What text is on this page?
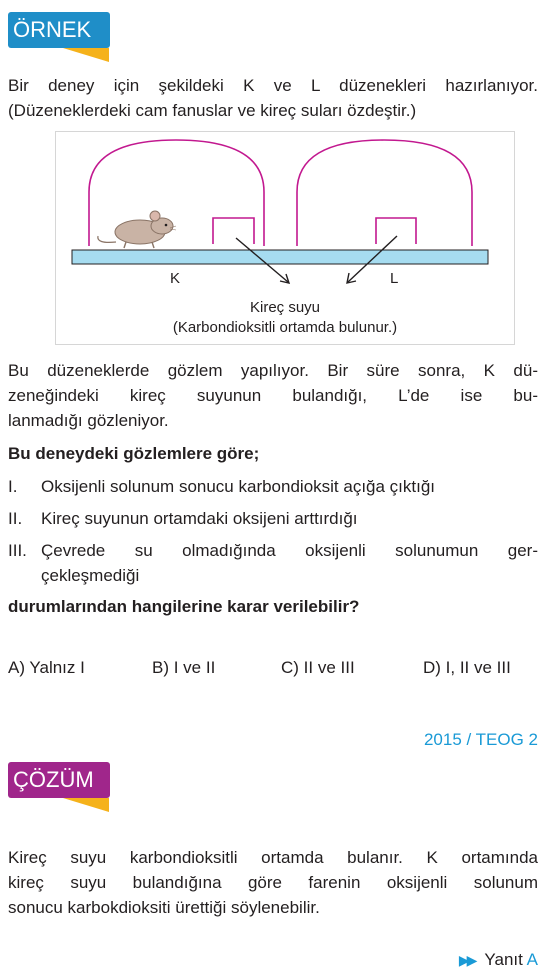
ÖRNEK
Bir deney için şekildeki K ve L düzenekleri hazırlanıyor.
(Düzeneklerdeki cam fanuslar ve kireç suları özdeştir.)
K	L
Kireç suyu
(Karbondioksitli ortamda bulunur.)
Bu düzeneklerde gözlem yapılıyor. Bir süre sonra, K dü-
zeneğindeki kireç suyunun bulandığı, L’de ise bu-
lanmadığı gözleniyor.
Bu deneydeki gözlemlere göre;
I. Oksijenli solunum sonucu karbondioksit açığa çıktığı
II. Kireç suyunun ortamdaki oksijeni arttırdığı
III. Çevrede su olmadığında oksijenli solunumun ger-
çekleşmediği
durumlarından hangilerine karar verilebilir?
A) Yalnız I	B) I ve II	C) II ve III	D) I, II ve III
2015 / TEOG 2
ÇÖZÜM
Kireç suyu karbondioksitli ortamda bulanır. K ortamında
kireç suyu bulandığına göre farenin oksijenli solunum
sonucu karbokdioksiti ürettiği söylenebilir.
▶▶ Yanıt A
